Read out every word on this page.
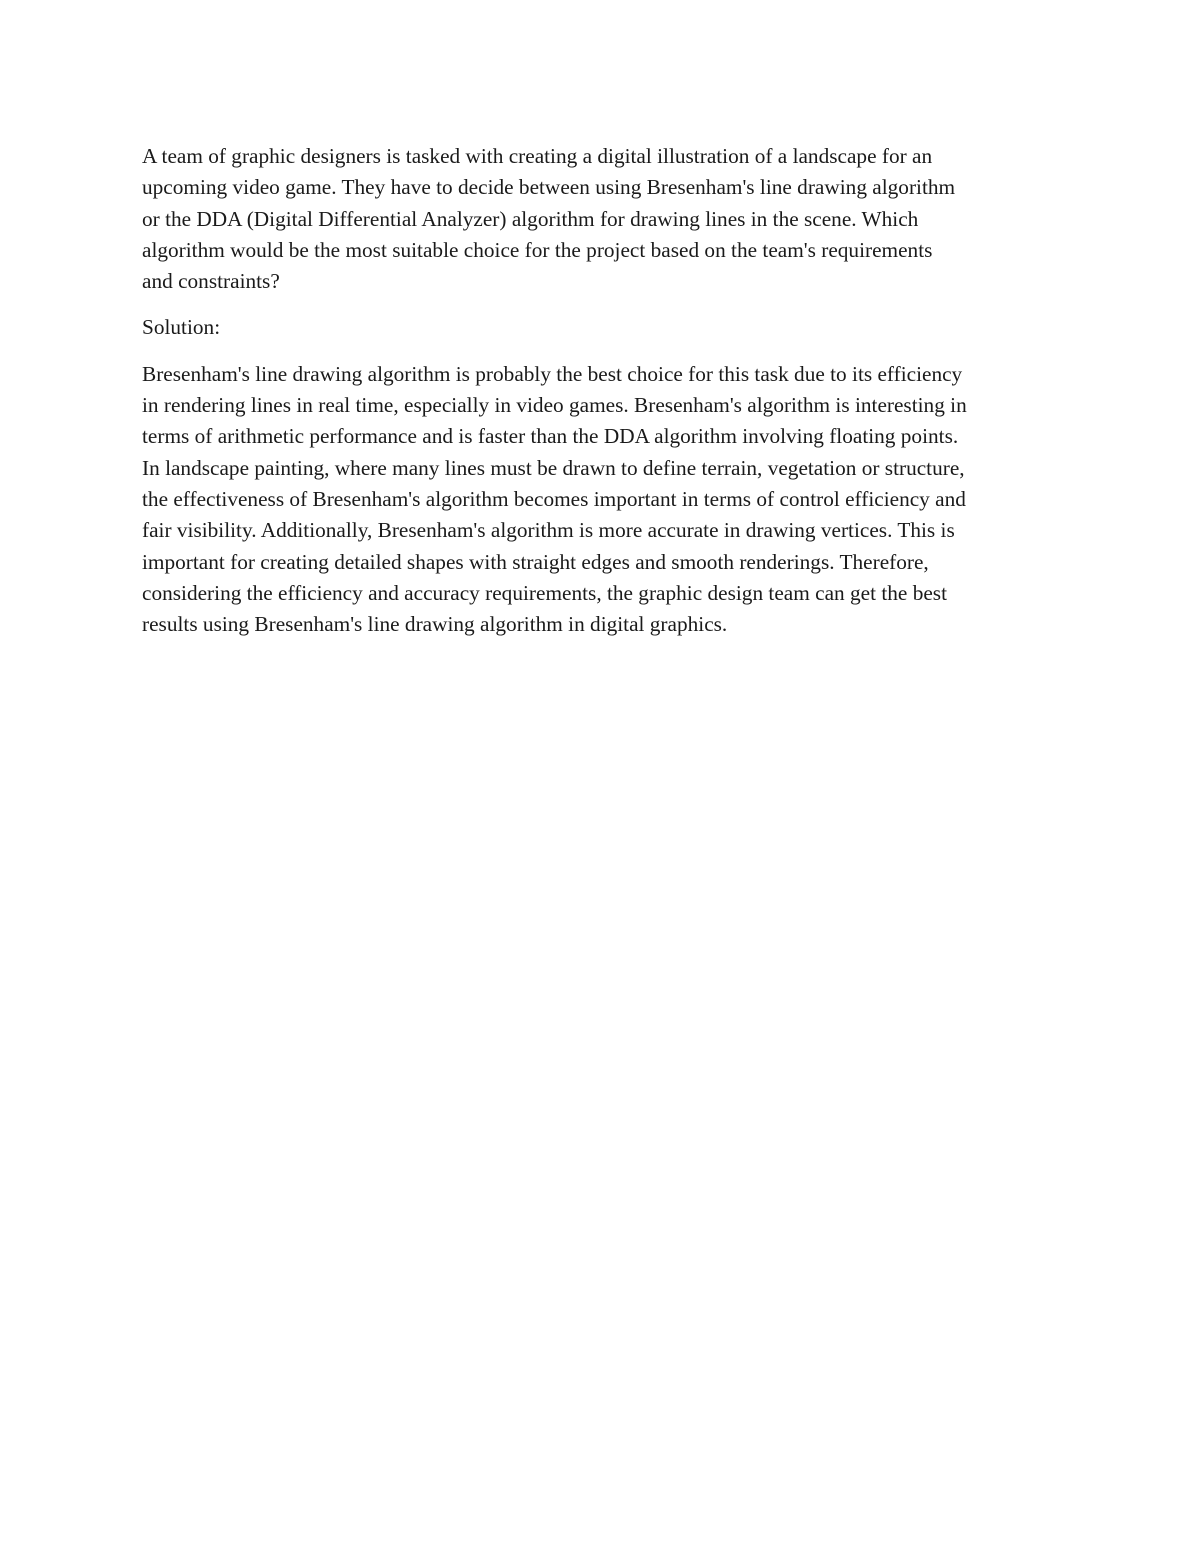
A team of graphic designers is tasked with creating a digital illustration of a landscape for an
upcoming video game. They have to decide between using Bresenham's line drawing algorithm
or the DDA (Digital Differential Analyzer) algorithm for drawing lines in the scene. Which
algorithm would be the most suitable choice for the project based on the team's requirements
and constraints?

Solution:

Bresenham's line drawing algorithm is probably the best choice for this task due to its efficiency
in rendering lines in real time, especially in video games. Bresenham's algorithm is interesting in
terms of arithmetic performance and is faster than the DDA algorithm involving floating points.
In landscape painting, where many lines must be drawn to define terrain, vegetation or structure,
the effectiveness of Bresenham's algorithm becomes important in terms of control efficiency and
fair visibility. Additionally, Bresenham's algorithm is more accurate in drawing vertices. This is
important for creating detailed shapes with straight edges and smooth renderings. Therefore,
considering the efficiency and accuracy requirements, the graphic design team can get the best
results using Bresenham's line drawing algorithm in digital graphics.
